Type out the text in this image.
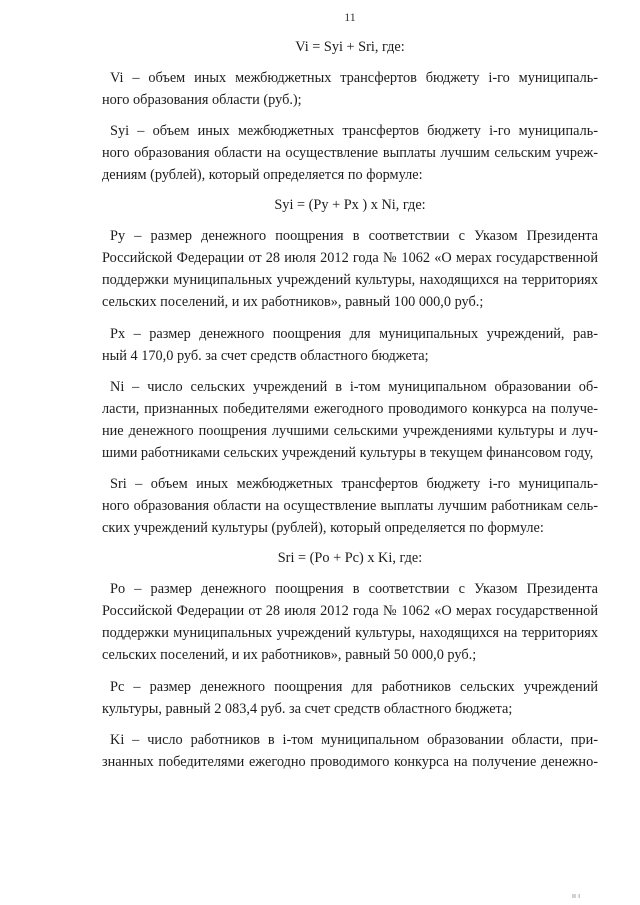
11
Vi = Syi + Sri, где:
Vi – объем иных межбюджетных трансфертов бюджету i-го муниципаль-
ного образования области (руб.);
Syi – объем иных межбюджетных трансфертов бюджету i-го муниципаль-
ного образования области на осуществление выплаты лучшим сельским учреж-
дениям (рублей), который определяется по формуле:
Syi = (Py + Px ) x Ni, где:
Py – размер денежного поощрения в соответствии с Указом Президента
Российской Федерации от 28 июля 2012 года № 1062 «О мерах государственной
поддержки муниципальных учреждений культуры, находящихся на территориях
сельских поселений, и их работников», равный 100 000,0 руб.;
Px – размер денежного поощрения для муниципальных учреждений, рав-
ный 4 170,0 руб. за счет средств областного бюджета;
Ni – число сельских учреждений в i-том муниципальном образовании об-
ласти, признанных победителями ежегодного проводимого конкурса на получе-
ние денежного поощрения лучшими сельскими учреждениями культуры и луч-
шими работниками сельских учреждений культуры в текущем финансовом году,
Sri – объем иных межбюджетных трансфертов бюджету i-го муниципаль-
ного образования области на осуществление выплаты лучшим работникам сель-
ских учреждений культуры (рублей), который определяется по формуле:
Sri = (Po + Pc) x Ki, где:
Po – размер денежного поощрения в соответствии с Указом Президента
Российской Федерации от 28 июля 2012 года № 1062 «О мерах государственной
поддержки муниципальных учреждений культуры, находящихся на территориях
сельских поселений, и их работников», равный 50 000,0 руб.;
Pc – размер денежного поощрения для работников сельских учреждений
культуры, равный 2 083,4 руб. за счет средств областного бюджета;
Ki – число работников в i-том муниципальном образовании области, при-
знанных победителями ежегодно проводимого конкурса на получение денежно-
ıı ı
